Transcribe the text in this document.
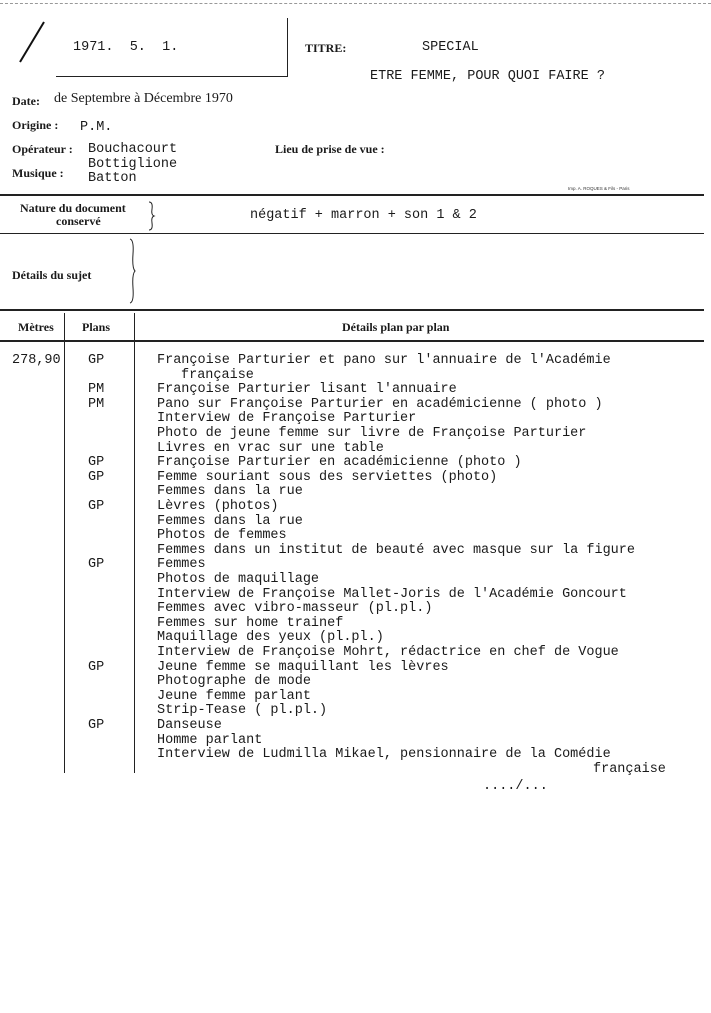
1971.  5.  1.	TITRE:	SPECIAL
ETRE FEMME, POUR QUOI FAIRE ?
Date: de Septembre à Décembre 1970
Origine : P.M.
Opérateur : Bouchacourt	Lieu de prise de vue :
Musique :
Bottiglione
Batton
Imp. A. ROQUES & Fils - Paris
Nature du document
conservé	négatif + marron + son 1 & 2
Détails du sujet
Mètres Plans	Détails plan par plan
278,90 GP	Françoise Parturier et pano sur l'annuaire de l'Académie
française
PM	Françoise Parturier lisant l'annuaire
PM	Pano sur Françoise Parturier en académicienne ( photo )
Interview de Françoise Parturier
Photo de jeune femme sur livre de Françoise Parturier
Livres en vrac sur une table
GP	Françoise Parturier en académicienne (photo )
GP	Femme souriant sous des serviettes (photo)
Femmes dans la rue
GP	Lèvres (photos)
Femmes dans la rue
Photos de femmes
Femmes dans un institut de beauté avec masque sur la figure
GP	Femmes
Photos de maquillage
Interview de Françoise Mallet-Joris de l'Académie Goncourt
Femmes avec vibro-masseur (pl.pl.)
Femmes sur home trainef
Maquillage des yeux (pl.pl.)
Interview de Françoise Mohrt, rédactrice en chef de Vogue
GP	Jeune femme se maquillant les lèvres
Photographe de mode
Jeune femme parlant
Strip-Tease ( pl.pl.)
GP	Danseuse
Homme parlant
Interview de Ludmilla Mikael, pensionnaire de la Comédie
française
..../...
